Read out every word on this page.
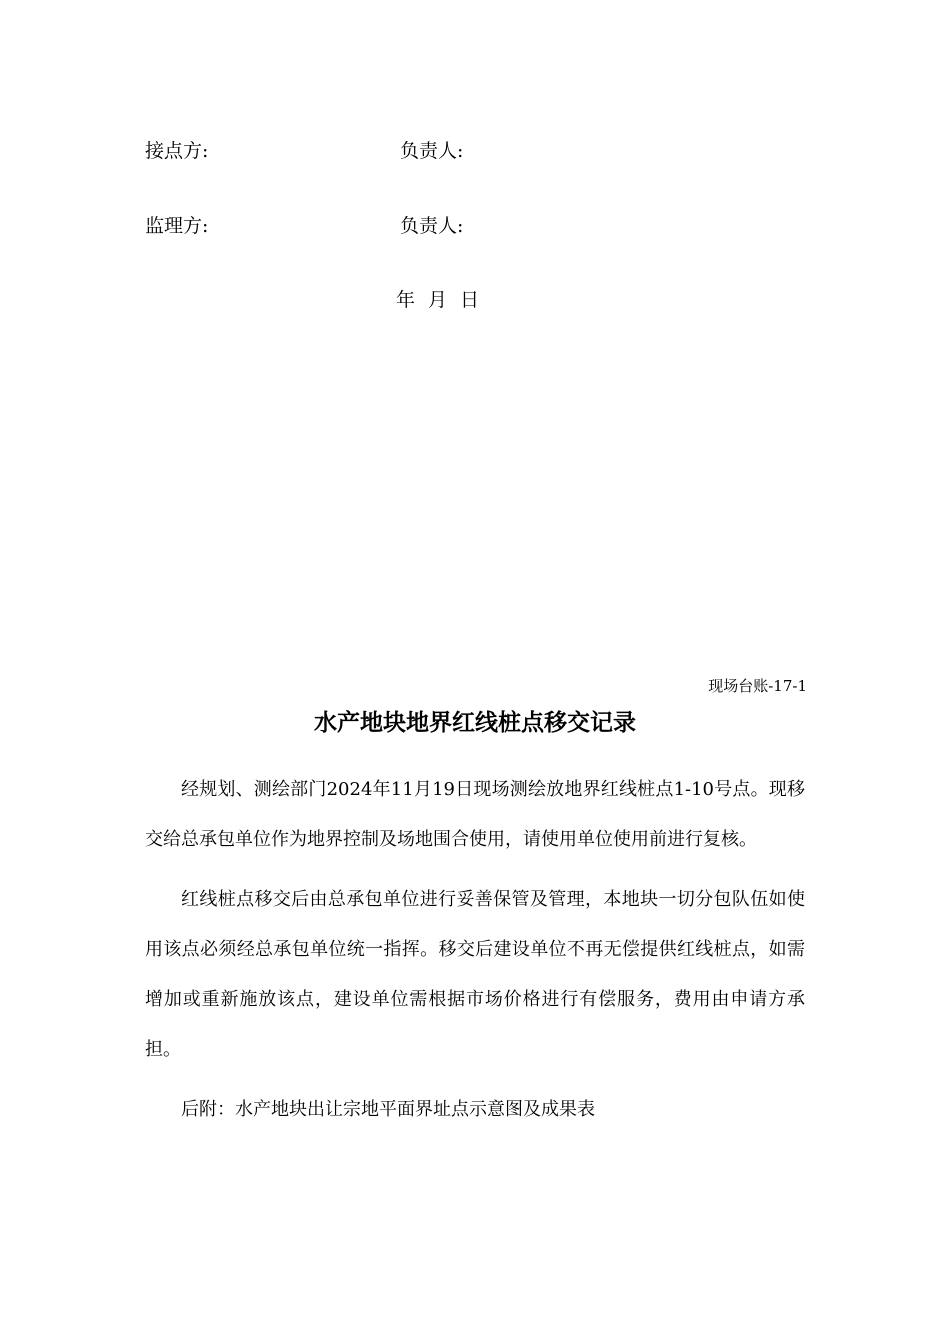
接点方:	负责人:
监理方:	负责人:
年 月 日
现场台账-17-1
水产地块地界红线桩点移交记录

经规划、测绘部门2024年11月19日现场测绘放地界红线桩点1-10号点。现移交给总承包单位作为地界控制及场地围合使用，请使用单位使用前进行复核。

红线桩点移交后由总承包单位进行妥善保管及管理，本地块一切分包队伍如使用该点必须经总承包单位统一指挥。移交后建设单位不再无偿提供红线桩点，如需增加或重新施放该点，建设单位需根据市场价格进行有偿服务，费用由申请方承担。

后附：水产地块出让宗地平面界址点示意图及成果表
